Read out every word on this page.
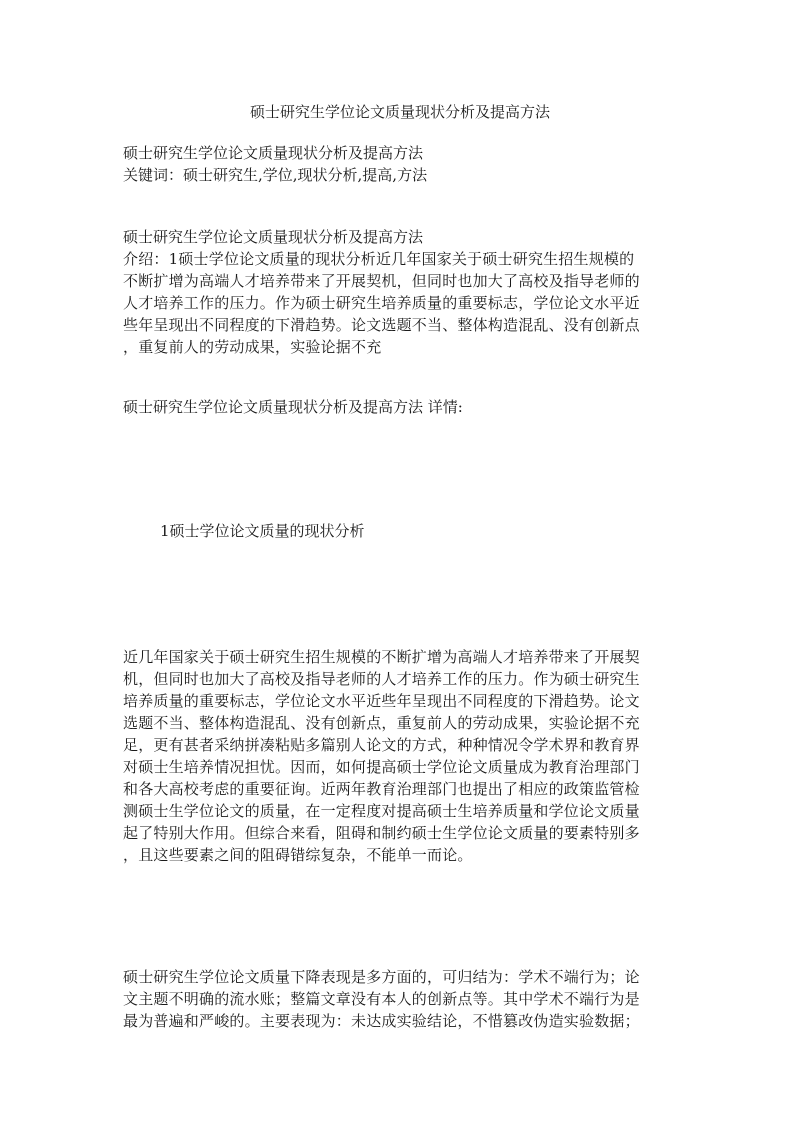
硕士研究生学位论文质量现状分析及提高方法
硕士研究生学位论文质量现状分析及提高方法
关键词：硕士研究生,学位,现状分析,提高,方法
硕士研究生学位论文质量现状分析及提高方法
介绍：1硕士学位论文质量的现状分析近几年国家关于硕士研究生招生规模的
不断扩增为高端人才培养带来了开展契机，但同时也加大了高校及指导老师的
人才培养工作的压力。作为硕士研究生培养质量的重要标志，学位论文水平近
些年呈现出不同程度的下滑趋势。论文选题不当、整体构造混乱、没有创新点
，重复前人的劳动成果，实验论据不充
硕士研究生学位论文质量现状分析及提高方法 详情:
1硕士学位论文质量的现状分析
近几年国家关于硕士研究生招生规模的不断扩增为高端人才培养带来了开展契
机，但同时也加大了高校及指导老师的人才培养工作的压力。作为硕士研究生
培养质量的重要标志，学位论文水平近些年呈现出不同程度的下滑趋势。论文
选题不当、整体构造混乱、没有创新点，重复前人的劳动成果，实验论据不充
足，更有甚者采纳拼凑粘贴多篇别人论文的方式，种种情况令学术界和教育界
对硕士生培养情况担忧。因而，如何提高硕士学位论文质量成为教育治理部门
和各大高校考虑的重要征询。近两年教育治理部门也提出了相应的政策监管检
测硕士生学位论文的质量，在一定程度对提高硕士生培养质量和学位论文质量
起了特别大作用。但综合来看，阻碍和制约硕士生学位论文质量的要素特别多
，且这些要素之间的阻碍错综复杂，不能单一而论。
硕士研究生学位论文质量下降表现是多方面的，可归结为：学术不端行为；论
文主题不明确的流水账；整篇文章没有本人的创新点等。其中学术不端行为是
最为普遍和严峻的。主要表现为：未达成实验结论，不惜篡改伪造实验数据；
